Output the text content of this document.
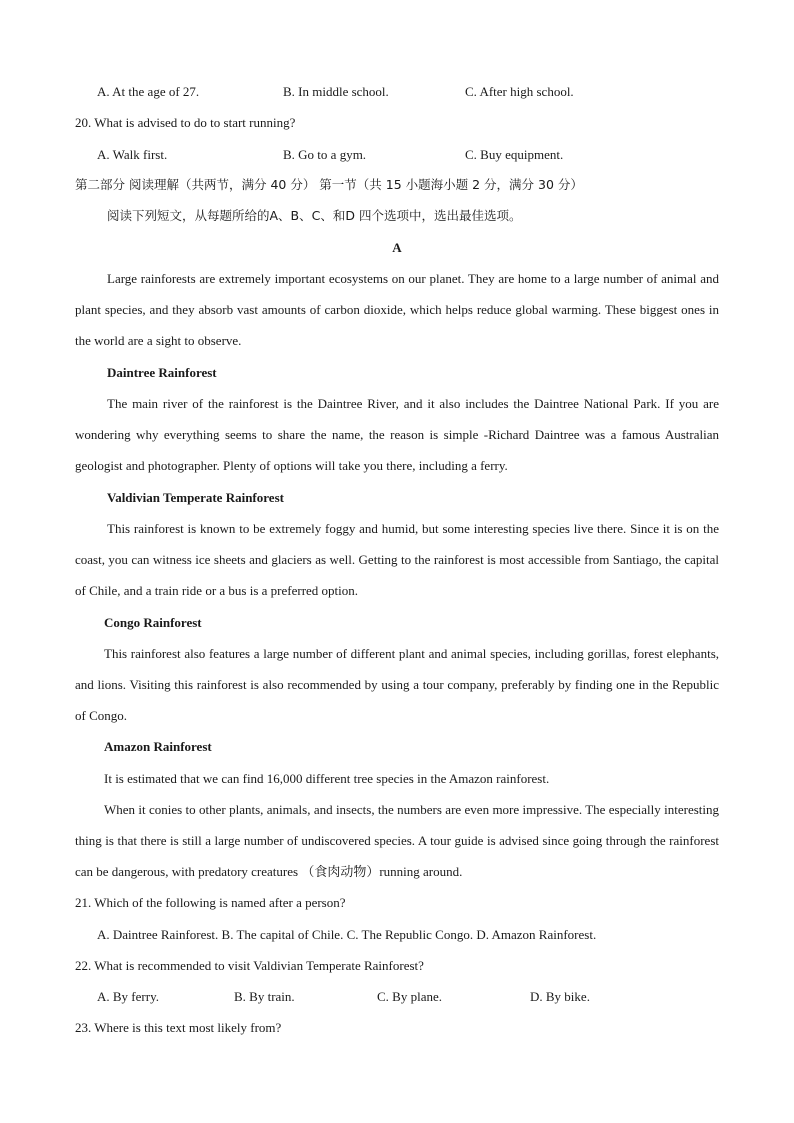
A. At the age of 27.	B. In middle school.	C. After high school.
20. What is advised to do to start running?
A. Walk first.	B. Go to a gym.	C. Buy equipment.
第二部分 阅读理解（共两节，满分 40 分） 第一节（共 15 小题海小题 2 分，满分 30 分）
阅读下列短文，从每题所给的A、B、C、和D 四个选项中，选出最佳选项。
A
Large rainforests are extremely important ecosystems on our planet. They are home to a large number of animal and plant species, and they absorb vast amounts of carbon dioxide, which helps reduce global warming. These biggest ones in the world are a sight to observe.
Daintree Rainforest
The main river of the rainforest is the Daintree River, and it also includes the Daintree National Park. If you are wondering why everything seems to share the name, the reason is simple -Richard Daintree was a famous Australian geologist and photographer. Plenty of options will take you there, including a ferry.
Valdivian Temperate Rainforest
This rainforest is known to be extremely foggy and humid, but some interesting species live there. Since it is on the coast, you can witness ice sheets and glaciers as well. Getting to the rainforest is most accessible from Santiago, the capital of Chile, and a train ride or a bus is a preferred option.
Congo Rainforest
This rainforest also features a large number of different plant and animal species, including gorillas, forest elephants, and lions. Visiting this rainforest is also recommended by using a tour company, preferably by finding one in the Republic of Congo.
Amazon Rainforest
It is estimated that we can find 16,000 different tree species in the Amazon rainforest.
When it conies to other plants, animals, and insects, the numbers are even more impressive. The especially interesting thing is that there is still a large number of undiscovered species. A tour guide is advised since going through the rainforest can be dangerous, with predatory creatures （食肉动物）running around.
21. Which of the following is named after a person?
A. Daintree Rainforest. B. The capital of Chile. C. The Republic Congo. D. Amazon Rainforest.
22. What is recommended to visit Valdivian Temperate Rainforest?
A. By ferry.	B. By train.	C. By plane.	D. By bike.
23. Where is this text most likely from?
